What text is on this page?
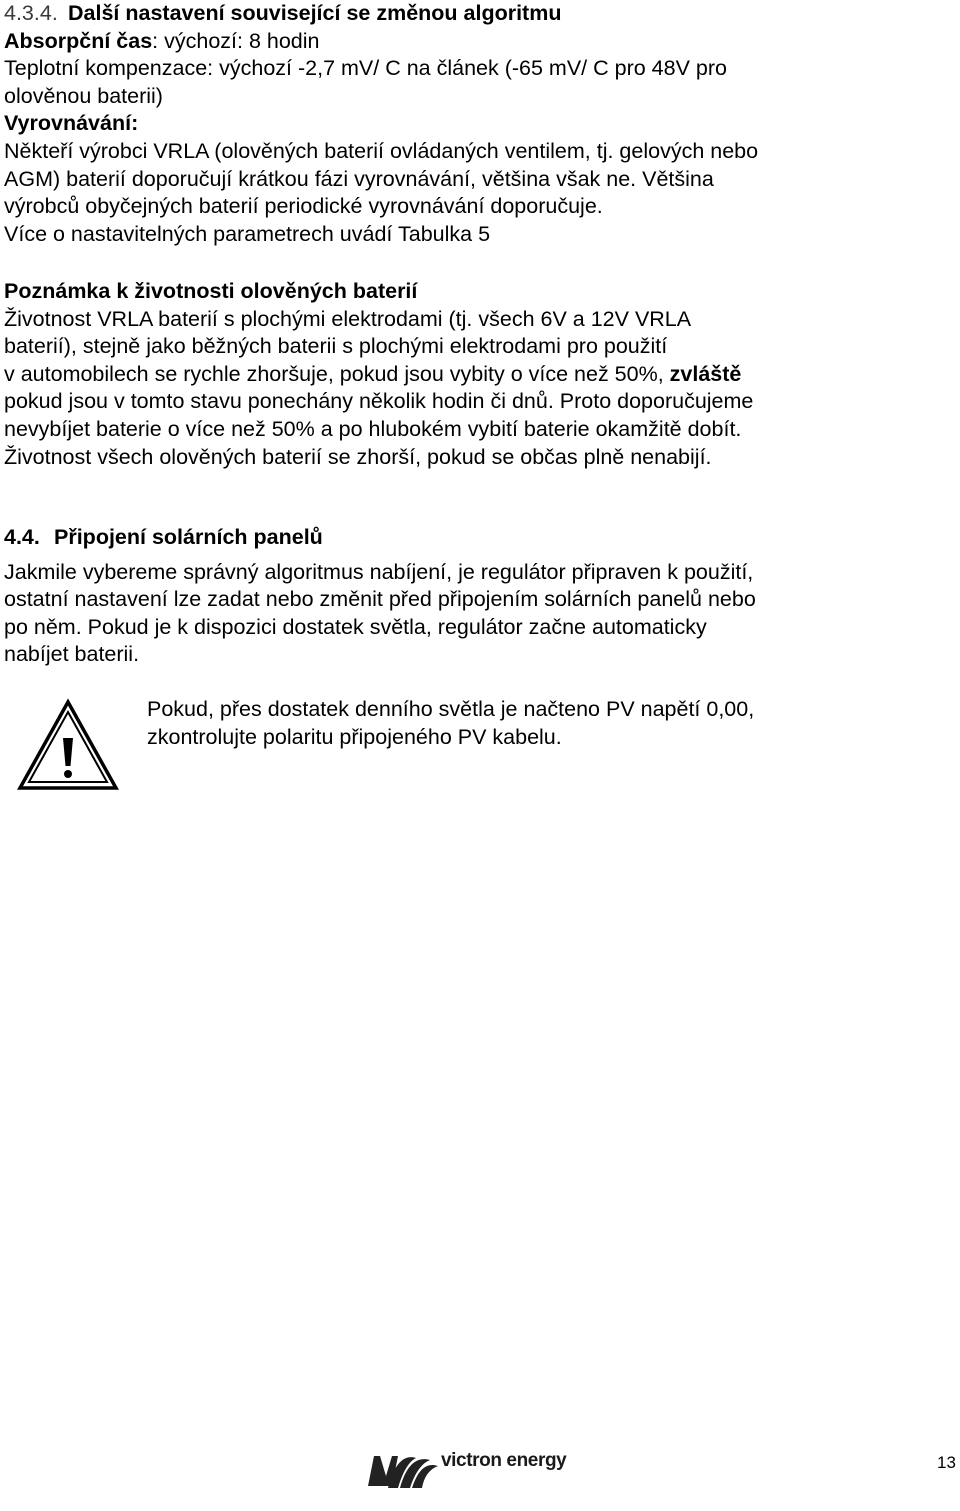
4.3.4. Další nastavení související se změnou algoritmu
Absorpční čas: výchozí: 8 hodin
Teplotní kompenzace: výchozí -2,7 mV/ C na článek (-65 mV/ C pro 48V pro
olověnou baterii)
Vyrovnávání:
Někteří výrobci VRLA (olověných baterií ovládaných ventilem, tj. gelových nebo
AGM) baterií doporučují krátkou fázi vyrovnávání, většina však ne. Většina
výrobců obyčejných baterií periodické vyrovnávání doporučuje.
Více o nastavitelných parametrech uvádí Tabulka 5
Poznámka k životnosti olověných baterií
Životnost VRLA baterií s plochými elektrodami (tj. všech 6V a 12V VRLA
baterií), stejně jako běžných baterii s plochými elektrodami pro použití
v automobilech se rychle zhoršuje, pokud jsou vybity o více než 50%, zvláště
pokud jsou v tomto stavu ponechány několik hodin či dnů. Proto doporučujeme
nevybíjet baterie o více než 50% a po hlubokém vybití baterie okamžitě dobít.
Životnost všech olověných baterií se zhorší, pokud se občas plně nenabijí.
4.4. Připojení solárních panelů
Jakmile vybereme správný algoritmus nabíjení, je regulátor připraven k použití,
ostatní nastavení lze zadat nebo změnit před připojením solárních panelů nebo
po něm. Pokud je k dispozici dostatek světla, regulátor začne automaticky
nabíjet baterii.
Pokud, přes dostatek denního světla je načteno PV napětí 0,00,
zkontrolujte polaritu připojeného PV kabelu.
victron energy	13
